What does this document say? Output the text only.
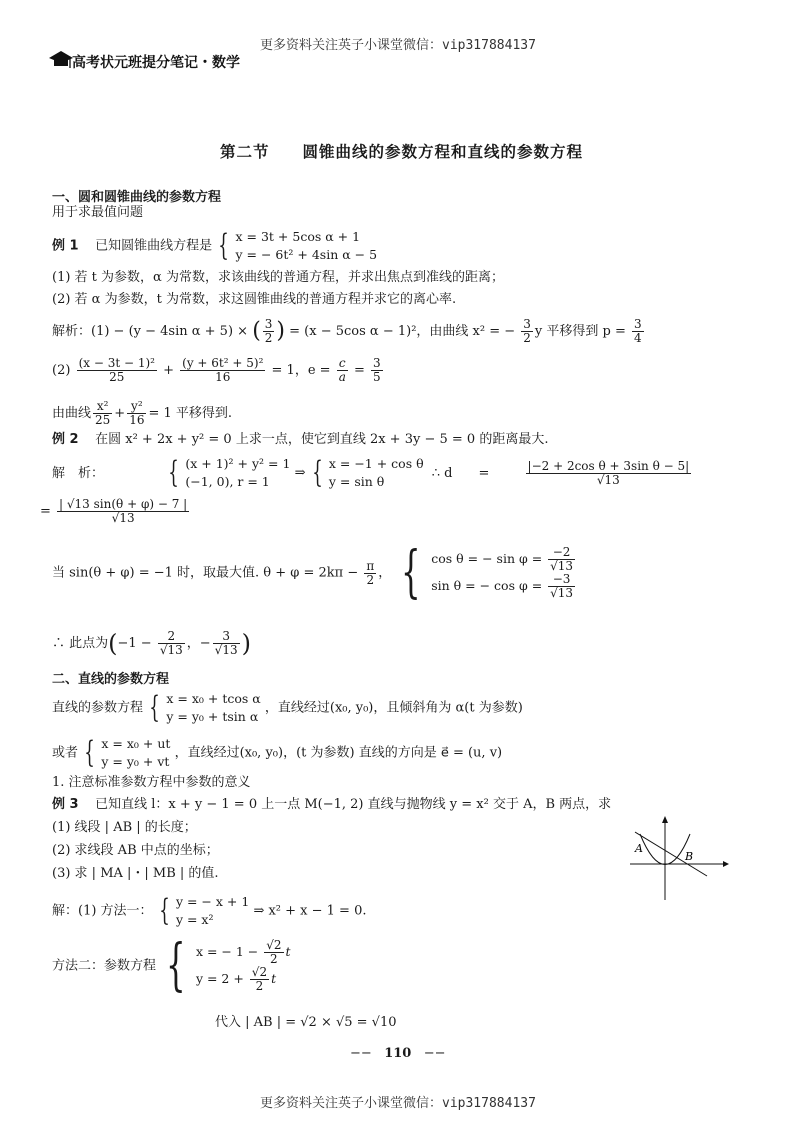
更多资料关注英子小课堂微信：vip317884137
高考状元班提分笔记・数学
第二节　　圆锥曲线的参数方程和直线的参数方程
一、圆和圆锥曲线的参数方程
用于求最值问题
例 1 已知圆锥曲线方程是 { x = 3t + 5cos α + 1
y = − 6t² + 4sin α − 5
(1) 若 t 为参数，α 为常数，求该曲线的普通方程，并求出焦点到准线的距离；
(2) 若 α 为参数，t 为常数，求这圆锥曲线的普通方程并求它的离心率.
解析：(1) − (y − 4sin α + 5) × ( $\frac{3}{2}$ ) = (x − 5cos α − 1)²，由曲线 x² = − $\frac{3}{2}$ y 平移得到 $p = \frac{3}{4}$
$(2) \frac{\text{(x − 3t − 1)²}}{25} + \frac{\text{(y + 6t² + 5)²}}{16} = 1$，$e = \frac{c}{a} = \frac{3}{5}$
由曲线 $\frac{\text{x²}}{25} + \frac{\text{y²}}{16} = 1$ 平移得到.
例 2 在圆 x² + 2x + y² = 0 上求一点，使它到直线 2x + 3y − 5 = 0 的距离最大.
解　析： { (x + 1)² + y² = 1
(−1, 0), r = 1
⇒ { x = −1 + cos θ
y = sin θ
∴ d　　=	$\frac{\text{|−2 + 2cos θ + 3sin θ − 5|}}{√13}$
= $\frac{| √13 \sin(\theta + \varphi) - 7 |}{√13}$
当 sin(θ + φ) = −1 时，取最大值. $\theta + \varphi = 2k\pi - \frac{\pi}{2}$ ， { cos θ = − $\sin \varphi = \frac{-2}{√13}$
sin θ = − $\cos \varphi = \frac{-3}{√13}$
∴ 此点为($-1 - \frac{2}{√13}$ ，− $\frac{3}{√13}$ )
二、直线的参数方程
直线的参数方程 { x = x₀ + tcos α
y = y₀ + tsin α
，直线经过(x₀, y₀)，且倾斜角为 α(t 为参数)
或者 { x = x₀ + ut
y = y₀ + vt
，直线经过(x₀, y₀)，(t 为参数) 直线的方向是 e⃗ = (u, v)
1. 注意标准参数方程中参数的意义
例 3 已知直线 l：x + y − 1 = 0 上一点 M(−1, 2) 直线与抛物线 y = x² 交于 A，B 两点，求
(1) 线段 | AB | 的长度；
(2) 求线段 AB 中点的坐标；
(3) 求 | MA |・| MB | 的值.
A
B
解：(1) 方法一： { y = − x + 1
y = x²
⇒ x² + x − 1 = 0.
方法二：参数方程 { x = − $1 - \frac{√2}{2}$ t
$y = 2 + \frac{√2}{2}$ t
代入 | AB | = √2 × √5 = √10
−− 110 −−
更多资料关注英子小课堂微信：vip317884137
